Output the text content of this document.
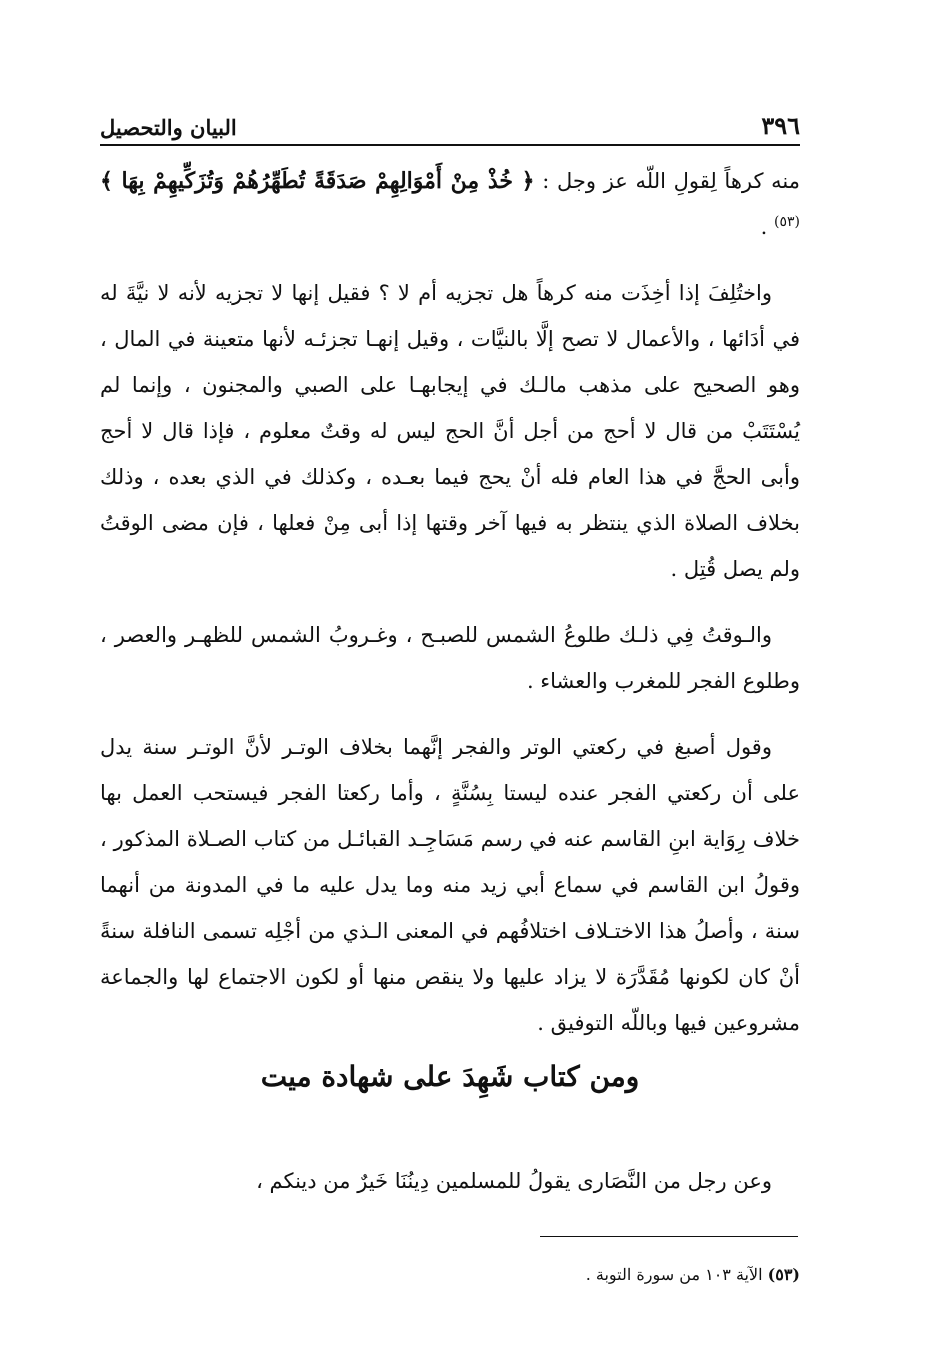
٣٩٦
البيان والتحصيل

منه كرهاً لِقولِ اللّه عز وجل : ﴿ خُذْ مِنْ أَمْوَالِهِمْ صَدَقَةً تُطَهِّرُهُمْ وَتُزَكِّيهِمْ بِهَا ﴾$^{(٥٣)}$ .

واختُلِفَ إذا أخِذَت منه كرهاً هل تجزيه أم لا ؟ فقيل إنها لا تجزيه لأنه لا نيَّةَ له في أدَائها ، والأعمال لا تصح إلَّا بالنيَّات ، وقيل إنهـا تجزئـه لأنها متعينة في المال ، وهو الصحيح على مذهب مالـك في إيجابهـا على الصبي والمجنون ، وإنما لم يُسْتَتَبْ من قال لا أحج من أجل أنَّ الحج ليس له وقتٌ معلوم ، فإذا قال لا أحج وأبى الحجَّ في هذا العام فله أنْ يحج فيما بعـده ، وكذلك في الذي بعده ، وذلك بخلاف الصلاة الذي ينتظر به فيها آخر وقتها إذا أبى مِنْ فعلها ، فإن مضى الوقتُ ولم يصل قُتِل .

والـوقتُ فِي ذلـك طلوعُ الشمس للصبـح ، وغـروبُ الشمس للظهـر والعصر ، وطلوع الفجر للمغرب والعشاء .

وقول أصبغ في ركعتي الوتر والفجر إنَّهما بخلاف الوتـر لأنَّ الوتـر سنة يدل على أن ركعتي الفجر عنده ليستا بِسُنَّةٍ ، وأما ركعتا الفجر فيستحب العمل بها خلاف رِوَاية ابنِ القاسم عنه في رسم مَسَاجِـد القبائـل من كتاب الصـلاة المذكور ، وقولُ ابن القاسم في سماع أبي زيد منه وما يدل عليه ما في المدونة من أنهما سنة ، وأصلُ هذا الاختـلاف اختلافُهم في المعنى الـذي من أجْلِه تسمى النافلة سنةً أنْ كان لكونها مُقَدَّرَة لا يزاد عليها ولا ينقص منها أو لكون الاجتماع لها والجماعة مشروعين فيها وباللّه التوفيق .

ومن كتاب شَهِدَ على شهادة ميت
وعن رجل من النَّصَارى يقولُ للمسلمين دِينُنَا خَيرٌ من دينكم ،
(٥٣) الآية ١٠٣ من سورة التوبة .
